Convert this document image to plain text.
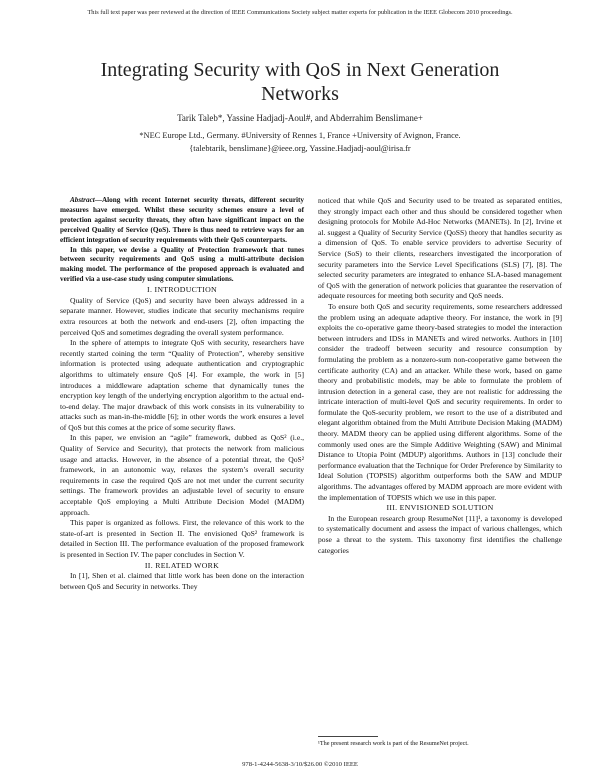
This full text paper was peer reviewed at the direction of IEEE Communications Society subject matter experts for publication in the IEEE Globecom 2010 proceedings.
Integrating Security with QoS in Next Generation
Networks
Tarik Taleb*, Yassine Hadjadj-Aoul#, and Abderrahim Benslimane+
*NEC Europe Ltd., Germany. #University of Rennes 1, France +University of Avignon, France.
{talebtarik, benslimane}@ieee.org, Yassine.Hadjadj-aoul@irisa.fr

Abstract—Along with recent Internet security threats, different security measures have emerged. Whilst these security schemes ensure a level of protection against security threats, they often have significant impact on the perceived Quality of Service (QoS). There is thus need to retrieve ways for an efficient integration of security requirements with their QoS counterparts.

In this paper, we devise a Quality of Protection framework that tunes between security requirements and QoS using a multi-attribute decision making model. The performance of the proposed approach is evaluated and verified via a use-case study using computer simulations.

I. INTRODUCTION

Quality of Service (QoS) and security have been always addressed in a separate manner. However, studies indicate that security mechanisms require extra resources at both the network and end-users [2], often impacting the perceived QoS and sometimes degrading the overall system performance.

In the sphere of attempts to integrate QoS with security, researchers have recently started coining the term “Quality of Protection”, whereby sensitive information is protected using adequate authentication and cryptographic algorithms to ultimately ensure QoS [4]. For example, the work in [5] introduces a middleware adaptation scheme that dynamically tunes the encryption key length of the underlying encryption algorithm to the actual end-to-end delay. The major drawback of this work consists in its vulnerability to attacks such as man-in-the-middle [6]; in other words the work ensures a level of QoS but this comes at the price of some security flaws.

In this paper, we envision an “agile” framework, dubbed as QoS² (i.e., Quality of Service and Security), that protects the network from malicious usage and attacks. However, in the absence of a potential threat, the QoS² framework, in an autonomic way, relaxes the system’s overall security requirements in case the required QoS are not met under the current security settings. The framework provides an adjustable level of security to ensure acceptable QoS employing a Multi Attribute Decision Model (MADM) approach.

This paper is organized as follows. First, the relevance of this work to the state-of-art is presented in Section II. The envisioned QoS² framework is detailed in Section III. The performance evaluation of the proposed framework is presented in Section IV. The paper concludes in Section V.

II. RELATED WORK

In [1], Shen et al. claimed that little work has been done on the interaction between QoS and Security in networks. They

noticed that while QoS and Security used to be treated as separated entities, they strongly impact each other and thus should be considered together when designing protocols for Mobile Ad-Hoc Networks (MANETs). In [2], Irvine et al. suggest a Quality of Security Service (QoSS) theory that handles security as a dimension of QoS. To enable service providers to advertise Security of Service (SoS) to their clients, researchers investigated the incorporation of security parameters into the Service Level Specifications (SLS) [7], [8]. The selected security parameters are integrated to enhance SLA-based management of QoS with the generation of network policies that guarantee the reservation of adequate resources for meeting both security and QoS needs.

To ensure both QoS and security requirements, some researchers addressed the problem using an adequate adaptive theory. For instance, the work in [9] exploits the co-operative game theory-based strategies to model the interaction between intruders and IDSs in MANETs and wired networks. Authors in [10] consider the tradeoff between security and resource consumption by formulating the problem as a nonzero-sum non-cooperative game between the certificate authority (CA) and an attacker. While these work, based on game theory and probabilistic models, may be able to formulate the problem of intrusion detection in a general case, they are not realistic for addressing the intricate interaction of multi-level QoS and security requirements. In order to formulate the QoS-security problem, we resort to the use of a distributed and elegant algorithm obtained from the Multi Attribute Decision Making (MADM) theory. MADM theory can be applied using different algorithms. Some of the commonly used ones are the Simple Additive Weighting (SAW) and Minimal Distance to Utopia Point (MDUP) algorithms. Authors in [13] conclude their performance evaluation that the Technique for Order Preference by Similarity to Ideal Solution (TOPSIS) algorithm outperforms both the SAW and MDUP algorithms. The advantages offered by MADM approach are more evident with the implementation of TOPSIS which we use in this paper.

III. ENVISIONED SOLUTION

In the European research group ResumeNet [11]¹, a taxonomy is developed to systematically document and assess the impact of various challenges, which pose a threat to the system. This taxonomy first identifies the challenge categories

¹The present research work is part of the ResumeNet project.
978-1-4244-5638-3/10/$26.00 ©2010 IEEE
